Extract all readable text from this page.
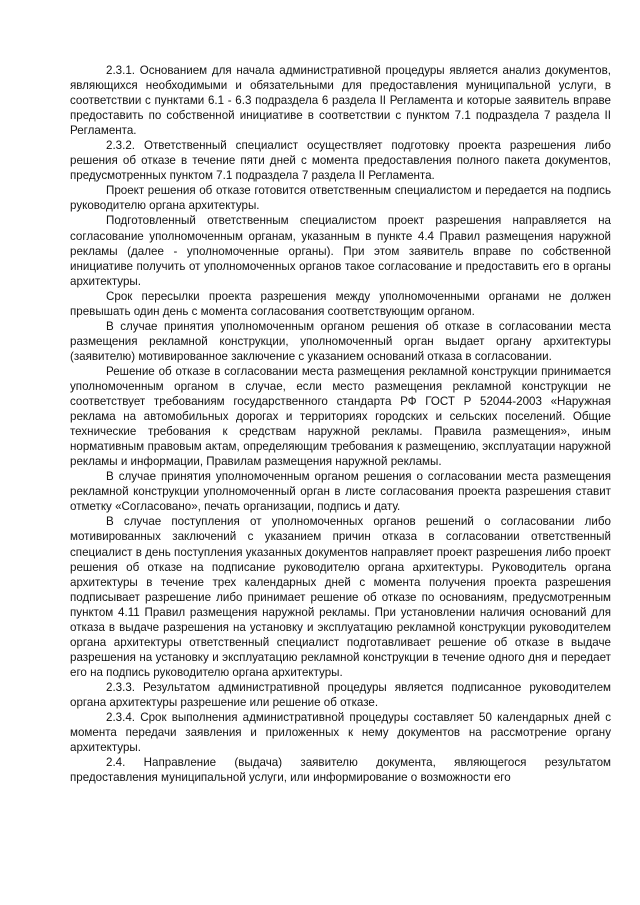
2.3.1. Основанием для начала административной процедуры является анализ документов, являющихся необходимыми и обязательными для предоставления муниципальной услуги, в соответствии с пунктами 6.1 - 6.3 подраздела 6 раздела II Регламента и которые заявитель вправе предоставить по собственной инициативе в соответствии с пунктом 7.1 подраздела 7 раздела II Регламента.

2.3.2. Ответственный специалист осуществляет подготовку проекта разрешения либо решения об отказе в течение пяти дней с момента предоставления полного пакета документов, предусмотренных пунктом 7.1 подраздела 7 раздела II Регламента.

Проект решения об отказе готовится ответственным специалистом и передается на подпись руководителю органа архитектуры.

Подготовленный ответственным специалистом проект разрешения направляется на согласование уполномоченным органам, указанным в пункте 4.4 Правил размещения наружной рекламы (далее - уполномоченные органы). При этом заявитель вправе по собственной инициативе получить от уполномоченных органов такое согласование и предоставить его в органы архитектуры.

Срок пересылки проекта разрешения между уполномоченными органами не должен превышать один день с момента согласования соответствующим органом.

В случае принятия уполномоченным органом решения об отказе в согласовании места размещения рекламной конструкции, уполномоченный орган выдает органу архитектуры (заявителю) мотивированное заключение с указанием оснований отказа в согласовании.

Решение об отказе в согласовании места размещения рекламной конструкции принимается уполномоченным органом в случае, если место размещения рекламной конструкции не соответствует требованиям государственного стандарта РФ ГОСТ Р 52044-2003 «Наружная реклама на автомобильных дорогах и территориях городских и сельских поселений. Общие технические требования к средствам наружной рекламы. Правила размещения», иным нормативным правовым актам, определяющим требования к размещению, эксплуатации наружной рекламы и информации, Правилам размещения наружной рекламы.

В случае принятия уполномоченным органом решения о согласовании места размещения рекламной конструкции уполномоченный орган в листе согласования проекта разрешения ставит отметку «Согласовано», печать организации, подпись и дату.

В случае поступления от уполномоченных органов решений о согласовании либо мотивированных заключений с указанием причин отказа в согласовании ответственный специалист в день поступления указанных документов направляет проект разрешения либо проект решения об отказе на подписание руководителю органа архитектуры. Руководитель органа архитектуры в течение трех календарных дней с момента получения проекта разрешения подписывает разрешение либо принимает решение об отказе по основаниям, предусмотренным пунктом 4.11 Правил размещения наружной рекламы. При установлении наличия оснований для отказа в выдаче разрешения на установку и эксплуатацию рекламной конструкции руководителем органа архитектуры ответственный специалист подготавливает решение об отказе в выдаче разрешения на установку и эксплуатацию рекламной конструкции в течение одного дня и передает его на подпись руководителю органа архитектуры.

2.3.3. Результатом административной процедуры является подписанное руководителем органа архитектуры разрешение или решение об отказе.

2.3.4. Срок выполнения административной процедуры составляет 50 календарных дней с момента передачи заявления и приложенных к нему документов на рассмотрение органу архитектуры.

2.4. Направление (выдача) заявителю документа, являющегося результатом предоставления муниципальной услуги, или информирование о возможности его
